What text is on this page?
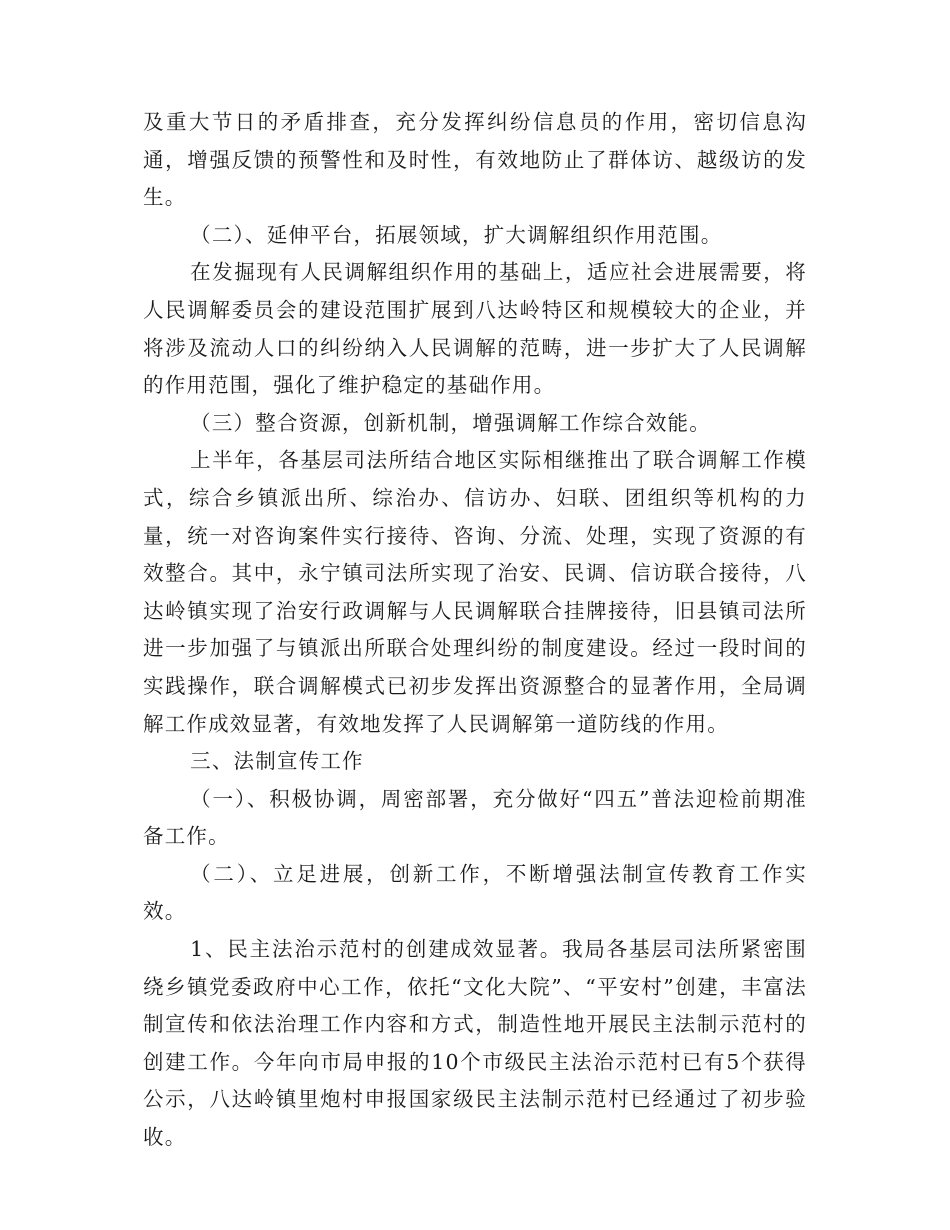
及重大节日的矛盾排查，充分发挥纠纷信息员的作用，密切信息沟通，增强反馈的预警性和及时性，有效地防止了群体访、越级访的发生。

（二）、延伸平台，拓展领域，扩大调解组织作用范围。

在发掘现有人民调解组织作用的基础上，适应社会进展需要，将人民调解委员会的建设范围扩展到八达岭特区和规模较大的企业，并将涉及流动人口的纠纷纳入人民调解的范畴，进一步扩大了人民调解的作用范围，强化了维护稳定的基础作用。

（三）整合资源，创新机制，增强调解工作综合效能。

上半年，各基层司法所结合地区实际相继推出了联合调解工作模式，综合乡镇派出所、综治办、信访办、妇联、团组织等机构的力量，统一对咨询案件实行接待、咨询、分流、处理，实现了资源的有效整合。其中，永宁镇司法所实现了治安、民调、信访联合接待，八达岭镇实现了治安行政调解与人民调解联合挂牌接待，旧县镇司法所进一步加强了与镇派出所联合处理纠纷的制度建设。经过一段时间的实践操作，联合调解模式已初步发挥出资源整合的显著作用，全局调解工作成效显著，有效地发挥了人民调解第一道防线的作用。

三、法制宣传工作

（一）、积极协调，周密部署，充分做好“四五”普法迎检前期准备工作。

（二）、立足进展，创新工作，不断增强法制宣传教育工作实效。

1、民主法治示范村的创建成效显著。我局各基层司法所紧密围绕乡镇党委政府中心工作，依托“文化大院”、“平安村”创建，丰富法制宣传和依法治理工作内容和方式，制造性地开展民主法制示范村的创建工作。今年向市局申报的10个市级民主法治示范村已有5个获得公示，八达岭镇里炮村申报国家级民主法制示范村已经通过了初步验收。
